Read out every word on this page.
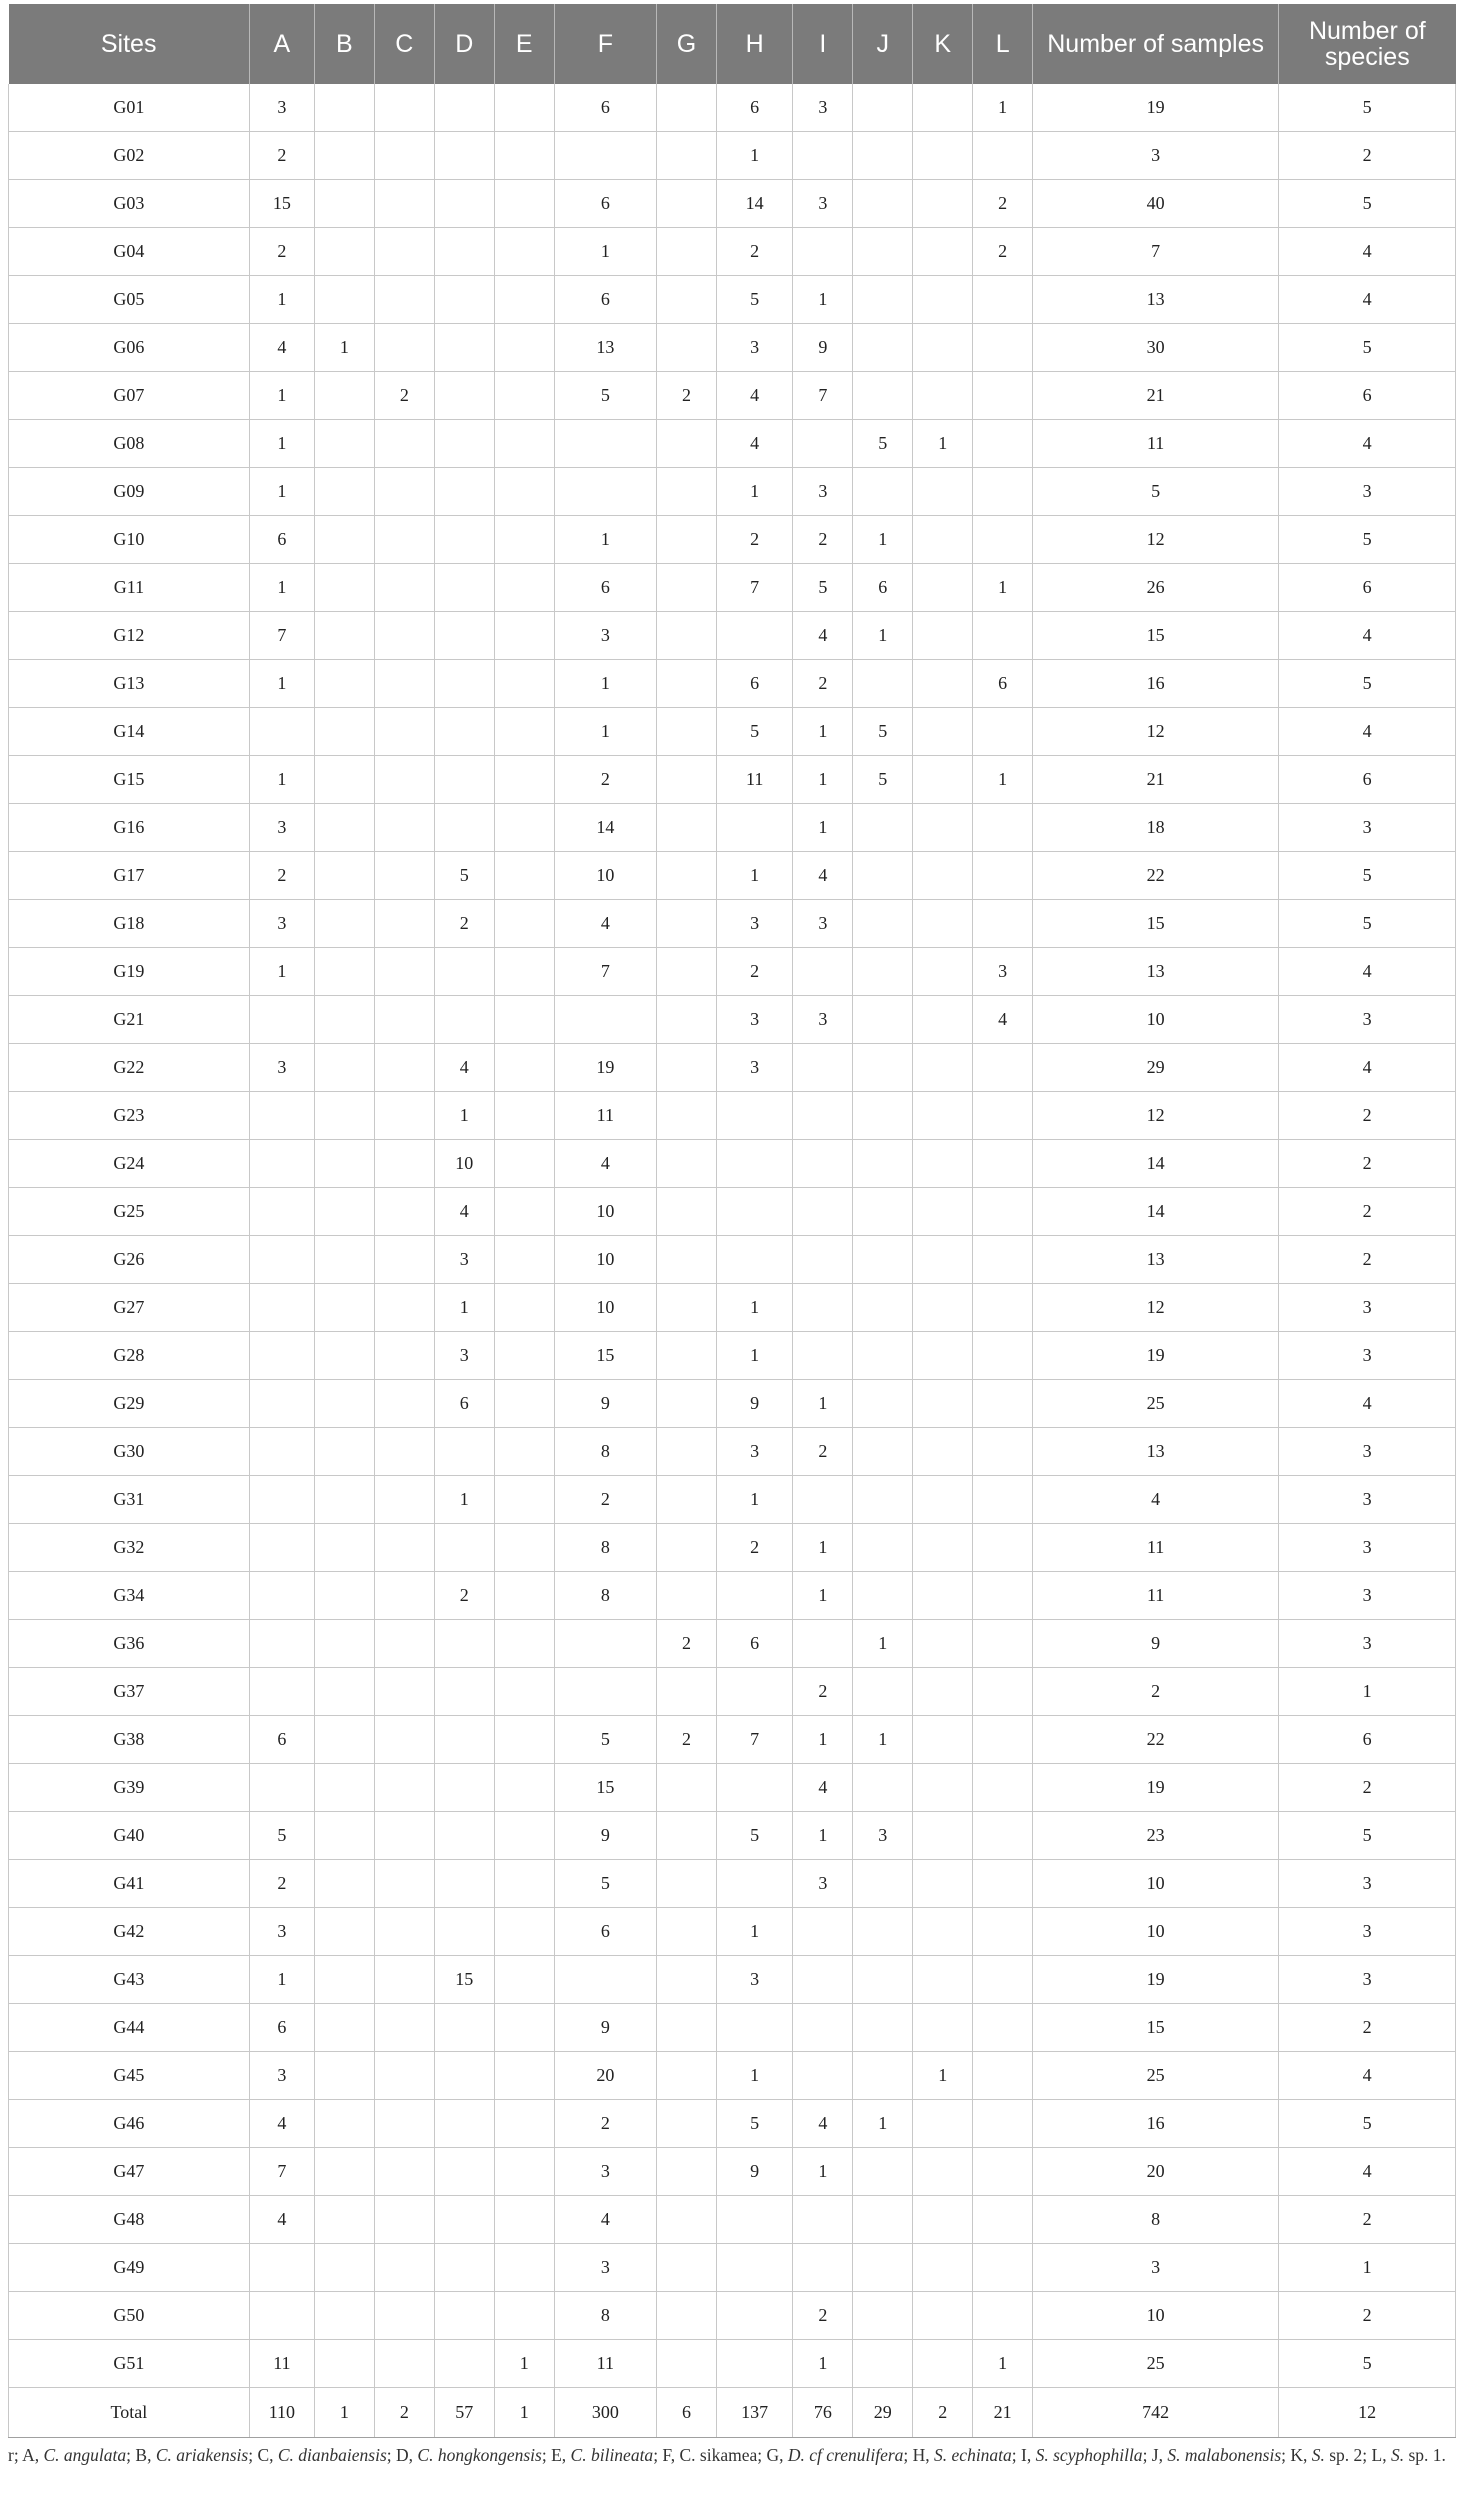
Sites	A	B	C	D	E	F	G	H	I	J	K	L	Number of samples	Number of species
G01	3					6		6	3			1	19	5
G02	2							1					3	2
G03	15					6		14	3			2	40	5
G04	2					1		2				2	7	4
G05	1					6		5	1				13	4
G06	4	1				13		3	9				30	5
G07	1		2			5	2	4	7				21	6
G08	1							4		5	1		11	4
G09	1							1	3				5	3
G10	6					1		2	2	1			12	5
G11	1					6		7	5	6		1	26	6
G12	7					3			4	1			15	4
G13	1					1		6	2			6	16	5
G14						1		5	1	5			12	4
G15	1					2		11	1	5		1	21	6
G16	3					14			1				18	3
G17	2			5		10		1	4				22	5
G18	3			2		4		3	3				15	5
G19	1					7		2				3	13	4
G21								3	3			4	10	3
G22	3			4		19		3					29	4
G23				1		11							12	2
G24				10		4							14	2
G25				4		10							14	2
G26				3		10							13	2
G27				1		10		1					12	3
G28				3		15		1					19	3
G29				6		9		9	1				25	4
G30						8		3	2				13	3
G31				1		2		1					4	3
G32						8		2	1				11	3
G34				2		8			1				11	3
G36							2	6		1			9	3
G37									2				2	1
G38	6					5	2	7	1	1			22	6
G39						15			4				19	2
G40	5					9		5	1	3			23	5
G41	2					5			3				10	3
G42	3					6		1					10	3
G43	1			15				3					19	3
G44	6					9							15	2
G45	3					20		1			1		25	4
G46	4					2		5	4	1			16	5
G47	7					3		9	1				20	4
G48	4					4							8	2
G49						3							3	1
G50						8			2				10	2
G51	11				1	11			1			1	25	5
Total	110	1	2	57	1	300	6	137	76	29	2	21	742	12
r; A, C. angulata; B, C. ariakensis; C, C. dianbaiensis; D, C. hongkongensis; E, C. bilineata; F, C. sikamea; G, D. cf crenulifera; H, S. echinata; I, S. scyphophilla; J, S. malabonensis; K, S. sp. 2; L, S. sp. 1.
